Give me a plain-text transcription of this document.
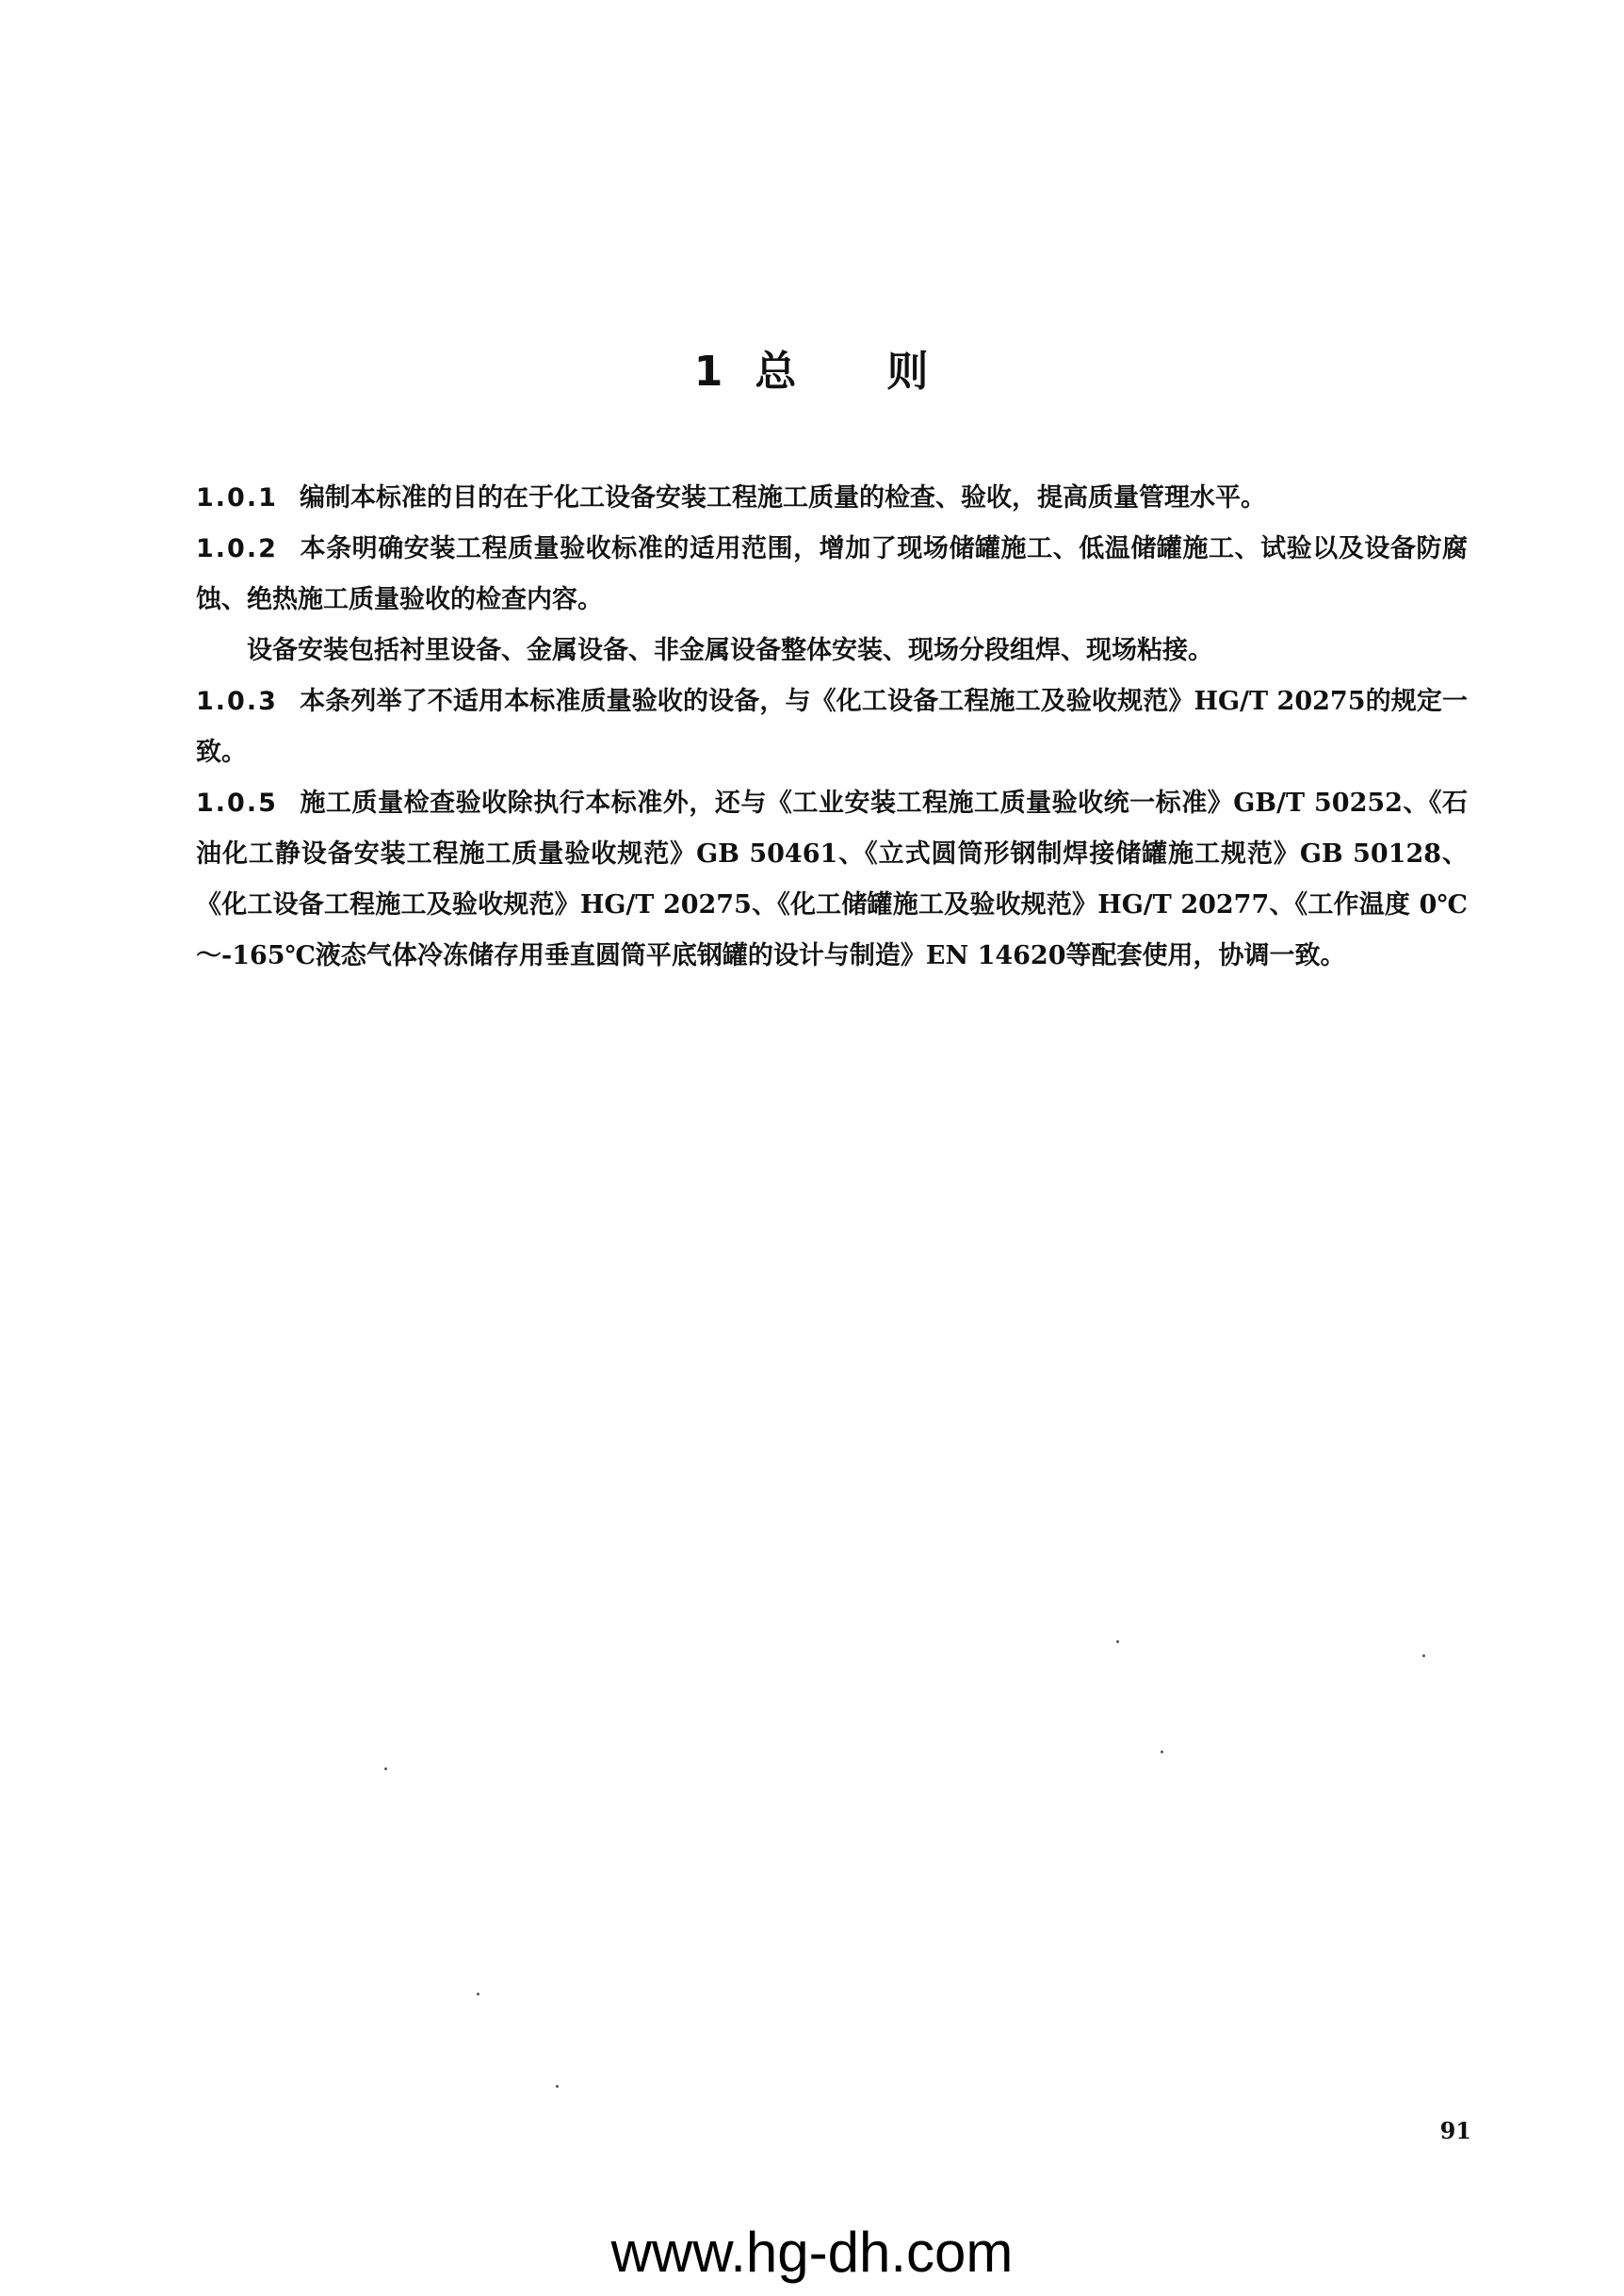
1 总 则

1.0.1 编制本标准的目的在于化工设备安装工程施工质量的检查、验收，提高质量管理水平。

1.0.2 本条明确安装工程质量验收标准的适用范围，增加了现场储罐施工、低温储罐施工、试验以及设备防腐蚀、绝热施工质量验收的检查内容。

设备安装包括衬里设备、金属设备、非金属设备整体安装、现场分段组焊、现场粘接。

1.0.3 本条列举了不适用本标准质量验收的设备，与《化工设备工程施工及验收规范》HG/T 20275的规定一致。

1.0.5 施工质量检查验收除执行本标准外，还与《工业安装工程施工质量验收统一标准》GB/T 50252、《石油化工静设备安装工程施工质量验收规范》GB 50461、《立式圆筒形钢制焊接储罐施工规范》GB 50128、《化工设备工程施工及验收规范》HG/T 20275、《化工储罐施工及验收规范》HG/T 20277、《工作温度 0℃～-165℃液态气体冷冻储存用垂直圆筒平底钢罐的设计与制造》EN 14620等配套使用，协调一致。

91
www.hg-dh.com
